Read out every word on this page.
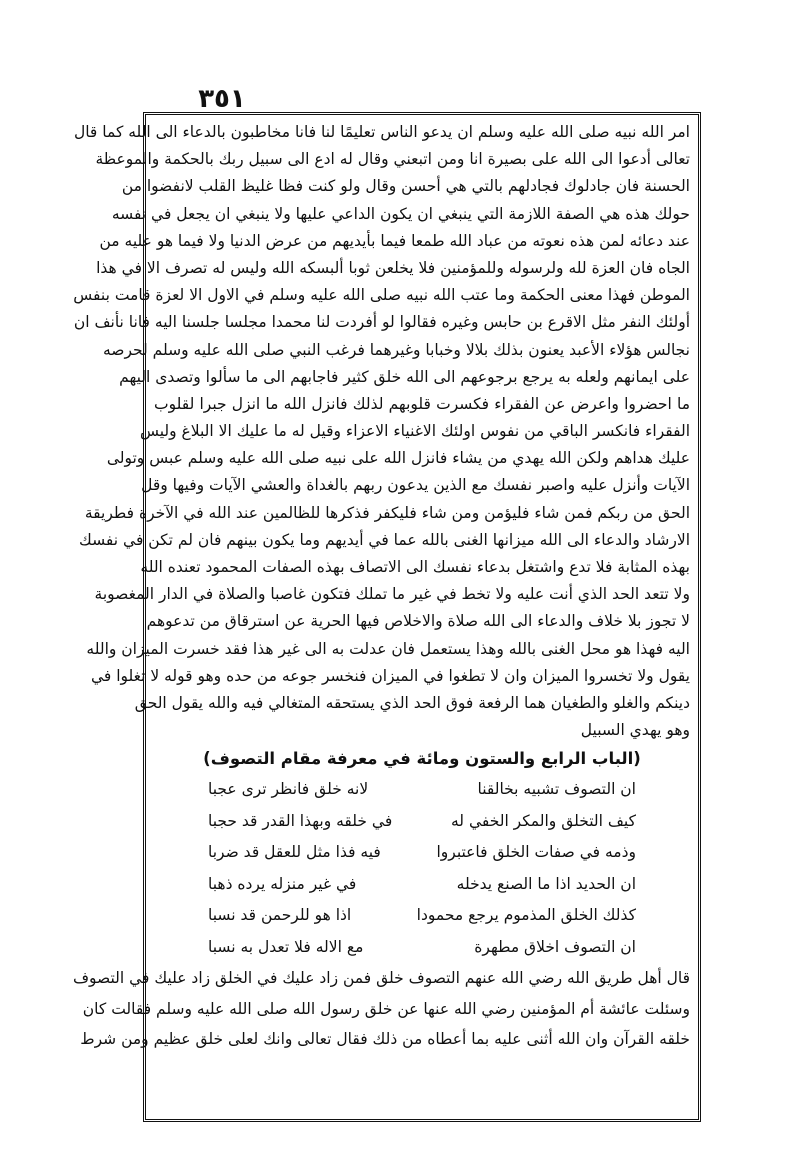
٣٥١
امر الله نبيه صلى الله عليه وسلم ان يدعو الناس تعليمًا لنا فانا مخاطبون بالدعاء الى الله كما قال
تعالى أدعوا الى الله على بصيرة انا ومن اتبعني وقال له ادع الى سبيل ربك بالحكمة والموعظة
الحسنة فان جادلوك فجادلهم بالتي هي أحسن وقال ولو كنت فظا غليظ القلب لانفضوا من
حولك هذه هي الصفة اللازمة التي ينبغي ان يكون الداعي عليها ولا ينبغي ان يجعل في نفسه
عند دعائه لمن هذه نعوته من عباد الله طمعا فيما بأيديهم من عرض الدنيا ولا فيما هو عليه من
الجاه فان العزة لله ولرسوله وللمؤمنين فلا يخلعن ثوبا ألبسكه الله وليس له تصرف الا في هذا
الموطن فهذا معنى الحكمة وما عتب الله نبيه صلى الله عليه وسلم في الاول الا لعزة قامت بنفس
أولئك النفر مثل الاقرع بن حابس وغيره فقالوا لو أفردت لنا محمدا مجلسا جلسنا اليه فانا نأنف ان
نجالس هؤلاء الأعبد يعنون بذلك بلالا وخبابا وغيرهما فرغب النبي صلى الله عليه وسلم لحرصه
على ايمانهم ولعله به يرجع برجوعهم الى الله خلق كثير فاجابهم الى ما سألوا وتصدى اليهم
ما احضروا واعرض عن الفقراء فكسرت قلوبهم لذلك فانزل الله ما انزل جبرا لقلوب
الفقراء فانكسر الباقي من نفوس اولئك الاغنياء الاعزاء وقيل له ما عليك الا البلاغ وليس
عليك هداهم ولكن الله يهدي من يشاء فانزل الله على نبيه صلى الله عليه وسلم عبس وتولى
الآيات وأنزل عليه واصبر نفسك مع الذين يدعون ربهم بالغداة والعشي الآيات وفيها وقل
الحق من ربكم فمن شاء فليؤمن ومن شاء فليكفر فذكرها للظالمين عند الله في الآخرة فطريقة
الارشاد والدعاء الى الله ميزانها الغنى بالله عما في أيديهم وما يكون بينهم فان لم تكن في نفسك
بهذه المثابة فلا تدع واشتغل بدعاء نفسك الى الاتصاف بهذه الصفات المحمود تعنده الله
ولا تتعد الحد الذي أنت عليه ولا تخط في غير ما تملك فتكون غاصبا والصلاة في الدار المغصوبة
لا تجوز بلا خلاف والدعاء الى الله صلاة والاخلاص فيها الحرية عن استرقاق من تدعوهم
اليه فهذا هو محل الغنى بالله وهذا يستعمل فان عدلت به الى غير هذا فقد خسرت الميزان والله
يقول ولا تخسروا الميزان وان لا تطغوا في الميزان فنخسر جوعه من حده وهو قوله لا تغلوا في
دينكم والغلو والطغيان هما الرفعة فوق الحد الذي يستحقه المتغالي فيه والله يقول الحق
وهو يهدي السبيل
(الباب الرابع والستون ومائة في معرفة مقام التصوف)
ان التصوف تشبيه بخالقنا
لانه خلق فانظر ترى عجبا
كيف التخلق والمكر الخفي له
في خلقه وبهذا القدر قد حجبا
وذمه في صفات الخلق فاعتبروا
فيه فذا مثل للعقل قد ضربا
ان الحديد اذا ما الصنع يدخله
في غير منزله يرده ذهبا
كذلك الخلق المذموم يرجع محمودا
اذا هو للرحمن قد نسبا
ان التصوف اخلاق مطهرة
مع الاله فلا تعدل به نسبا
قال أهل طريق الله رضي الله عنهم التصوف خلق فمن زاد عليك في الخلق زاد عليك في التصوف
وسئلت عائشة أم المؤمنين رضي الله عنها عن خلق رسول الله صلى الله عليه وسلم فقالت كان
خلقه القرآن وان الله أثنى عليه بما أعطاه من ذلك فقال تعالى وانك لعلى خلق عظيم ومن شرط
